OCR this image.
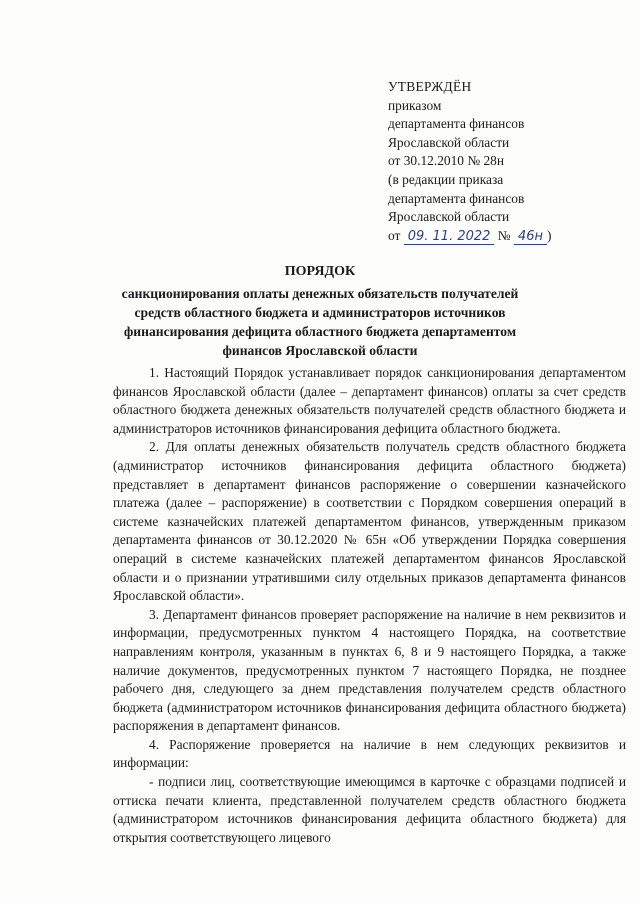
УТВЕРЖДЁН
приказом
департамента финансов
Ярославской области
от 30.12.2010 № 28н
(в редакции приказа
департамента финансов
Ярославской области
от 09. 11. 2022 № 46н )
ПОРЯДОК
санкционирования оплаты денежных обязательств получателей
средств областного бюджета и администраторов источников
финансирования дефицита областного бюджета департаментом
финансов Ярославской области

1. Настоящий Порядок устанавливает порядок санкционирования департаментом финансов Ярославской области (далее – департамент финансов) оплаты за счет средств областного бюджета денежных обязательств получателей средств областного бюджета и администраторов источников финансирования дефицита областного бюджета.

2. Для оплаты денежных обязательств получатель средств областного бюджета (администратор источников финансирования дефицита областного бюджета) представляет в департамент финансов распоряжение о совершении казначейского платежа (далее – распоряжение) в соответствии с Порядком совершения операций в системе казначейских платежей департаментом финансов, утвержденным приказом департамента финансов от 30.12.2020 № 65н «Об утверждении Порядка совершения операций в системе казначейских платежей департаментом финансов Ярославской области и о признании утратившими силу отдельных приказов департамента финансов Ярославской области».

3. Департамент финансов проверяет распоряжение на наличие в нем реквизитов и информации, предусмотренных пунктом 4 настоящего Порядка, на соответствие направлениям контроля, указанным в пунктах 6, 8 и 9 настоящего Порядка, а также наличие документов, предусмотренных пунктом 7 настоящего Порядка, не позднее рабочего дня, следующего за днем представления получателем средств областного бюджета (администратором источников финансирования дефицита областного бюджета) распоряжения в департамент финансов.

4. Распоряжение проверяется на наличие в нем следующих реквизитов и информации:

- подписи лиц, соответствующие имеющимся в карточке с образцами подписей и оттиска печати клиента, представленной получателем средств областного бюджета (администратором источников финансирования дефицита областного бюджета) для открытия соответствующего лицевого
